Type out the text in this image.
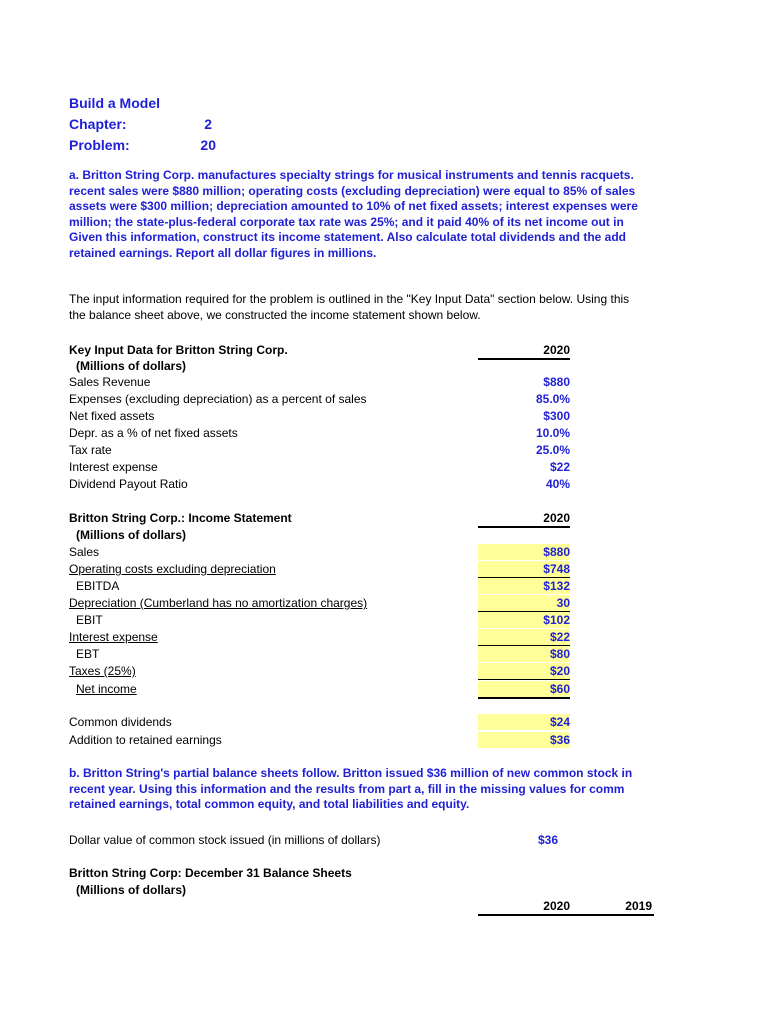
Build a Model
Chapter:	2
Problem:	20
a. Britton String Corp. manufactures specialty strings for musical instruments and tennis racquets.
recent sales were $880 million; operating costs (excluding depreciation) were equal to 85% of sales
assets were $300 million; depreciation amounted to 10% of net fixed assets; interest expenses were
million; the state-plus-federal corporate tax rate was 25%; and it paid 40% of its net income out in
Given this information, construct its income statement. Also calculate total dividends and the add
retained earnings. Report all dollar figures in millions.
The input information required for the problem is outlined in the "Key Input Data" section below. Using this
the balance sheet above, we constructed the income statement shown below.
Key Input Data for Britton String Corp.
(Millions of dollars)
2020
Sales Revenue	$880
Expenses (excluding depreciation) as a percent of sales	85.0%
Net fixed assets	$300
Depr. as a % of net fixed assets	10.0%
Tax rate	25.0%
Interest expense	$22
Dividend Payout Ratio	40%
Britton String Corp.: Income Statement
(Millions of dollars)
2020
Sales	$880
Operating costs excluding depreciation	$748
EBITDA	$132
Depreciation (Cumberland has no amortization charges)	30
EBIT	$102
Interest expense	$22
EBT	$80
Taxes (25%)	$20
Net income	$60
Common dividends	$24
Addition to retained earnings	$36
b. Britton String's partial balance sheets follow. Britton issued $36 million of new common stock in
recent year. Using this information and the results from part a, fill in the missing values for comm
retained earnings, total common equity, and total liabilities and equity.
Dollar value of common stock issued (in millions of dollars)	$36
Britton String Corp: December 31 Balance Sheets
(Millions of dollars)
2020	2019
